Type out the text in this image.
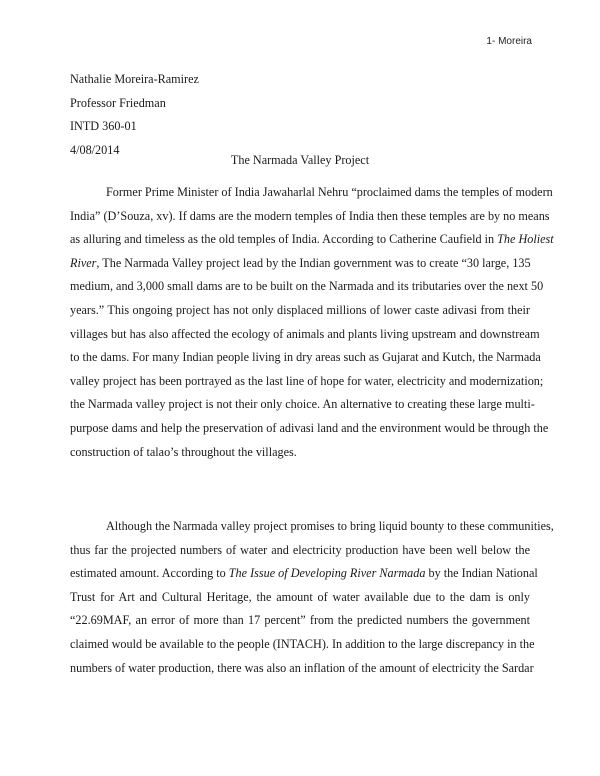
1- Moreira
Nathalie Moreira-Ramirez
Professor Friedman
INTD 360-01
4/08/2014
The Narmada Valley Project
Former Prime Minister of India Jawaharlal Nehru “proclaimed dams the temples of modern
India” (D’Souza, xv). If dams are the modern temples of India then these temples are by no means
as alluring and timeless as the old temples of India. According to Catherine Caufield in The Holiest
River, The Narmada Valley project lead by the Indian government was to create “30 large, 135
medium, and 3,000 small dams are to be built on the Narmada and its tributaries over the next 50
years.” This ongoing project has not only displaced millions of lower caste adivasi from their
villages but has also affected the ecology of animals and plants living upstream and downstream
to the dams. For many Indian people living in dry areas such as Gujarat and Kutch, the Narmada
valley project has been portrayed as the last line of hope for water, electricity and modernization;
the Narmada valley project is not their only choice. An alternative to creating these large multi-
purpose dams and help the preservation of adivasi land and the environment would be through the
construction of talao’s throughout the villages.
Although the Narmada valley project promises to bring liquid bounty to these communities,
thus far the projected numbers of water and electricity production have been well below the
estimated amount. According to The Issue of Developing River Narmada by the Indian National
Trust for Art and Cultural Heritage, the amount of water available due to the dam is only
“22.69MAF, an error of more than 17 percent” from the predicted numbers the government
claimed would be available to the people (INTACH). In addition to the large discrepancy in the
numbers of water production, there was also an inflation of the amount of electricity the Sardar
